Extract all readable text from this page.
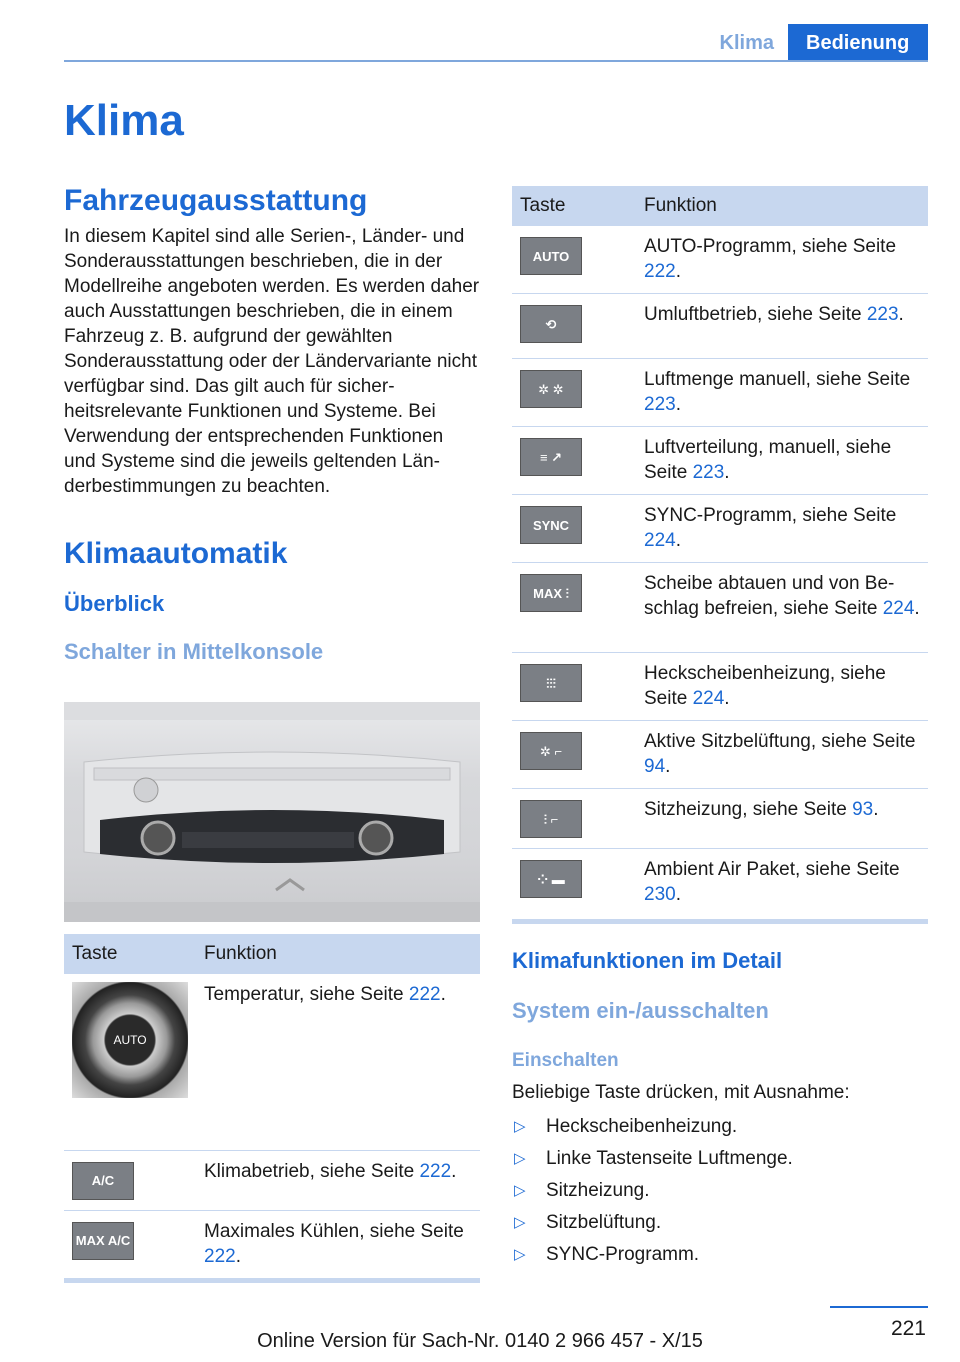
Klima	Bedienung
Klima
Fahrzeugausstattung

In diesem Kapitel sind alle Serien-, Länder- und Sonderausstattungen beschrieben, die in der Modellreihe angeboten werden. Es werden daher auch Ausstattungen beschrieben, die in einem Fahrzeug z. B. aufgrund der gewählten Sonderausstattung oder der Ländervariante nicht verfügbar sind. Das gilt auch für sicher- heitsrelevante Funktionen und Systeme. Bei Verwendung der entsprechenden Funktionen und Systeme sind die jeweils geltenden Län- derbestimmungen zu beachten.

Klimaautomatik
Überblick
Schalter in Mittelkonsole
Taste	Funktion

AUTO	Temperatur, siehe Seite 222.

A/C	Klimabetrieb, siehe Seite 222.

MAX A/C	Maximales Kühlen, siehe Seite 222.
Taste	Funktion

AUTO	AUTO-Programm, siehe Seite 222.

⟲	Umluftbetrieb, siehe Seite 223.

✲ ✲	Luftmenge manuell, siehe Seite 223.

≡ ↗	Luftverteilung, manuell, siehe Seite 223.

SYNC	SYNC-Programm, siehe Seite 224.

MAX ⫶	Scheibe abtauen und von Be- schlag befreien, siehe Seite 224.

⫶⫶⫶	Heckscheibenheizung, siehe Seite 224.

✲ ⌐	Aktive Sitzbelüftung, siehe Seite 94.

⫶ ⌐	Sitzheizung, siehe Seite 93.

⁘ ▬	Ambient Air Paket, siehe Seite 230.
Klimafunktionen im Detail
System ein-/ausschalten
Einschalten

Beliebige Taste drücken, mit Ausnahme:

▷ Heckscheibenheizung.
▷ Linke Tastenseite Luftmenge.
▷ Sitzheizung.
▷ Sitzbelüftung.
▷ SYNC-Programm.
221
Online Version für Sach-Nr. 0140 2 966 457 - X/15
